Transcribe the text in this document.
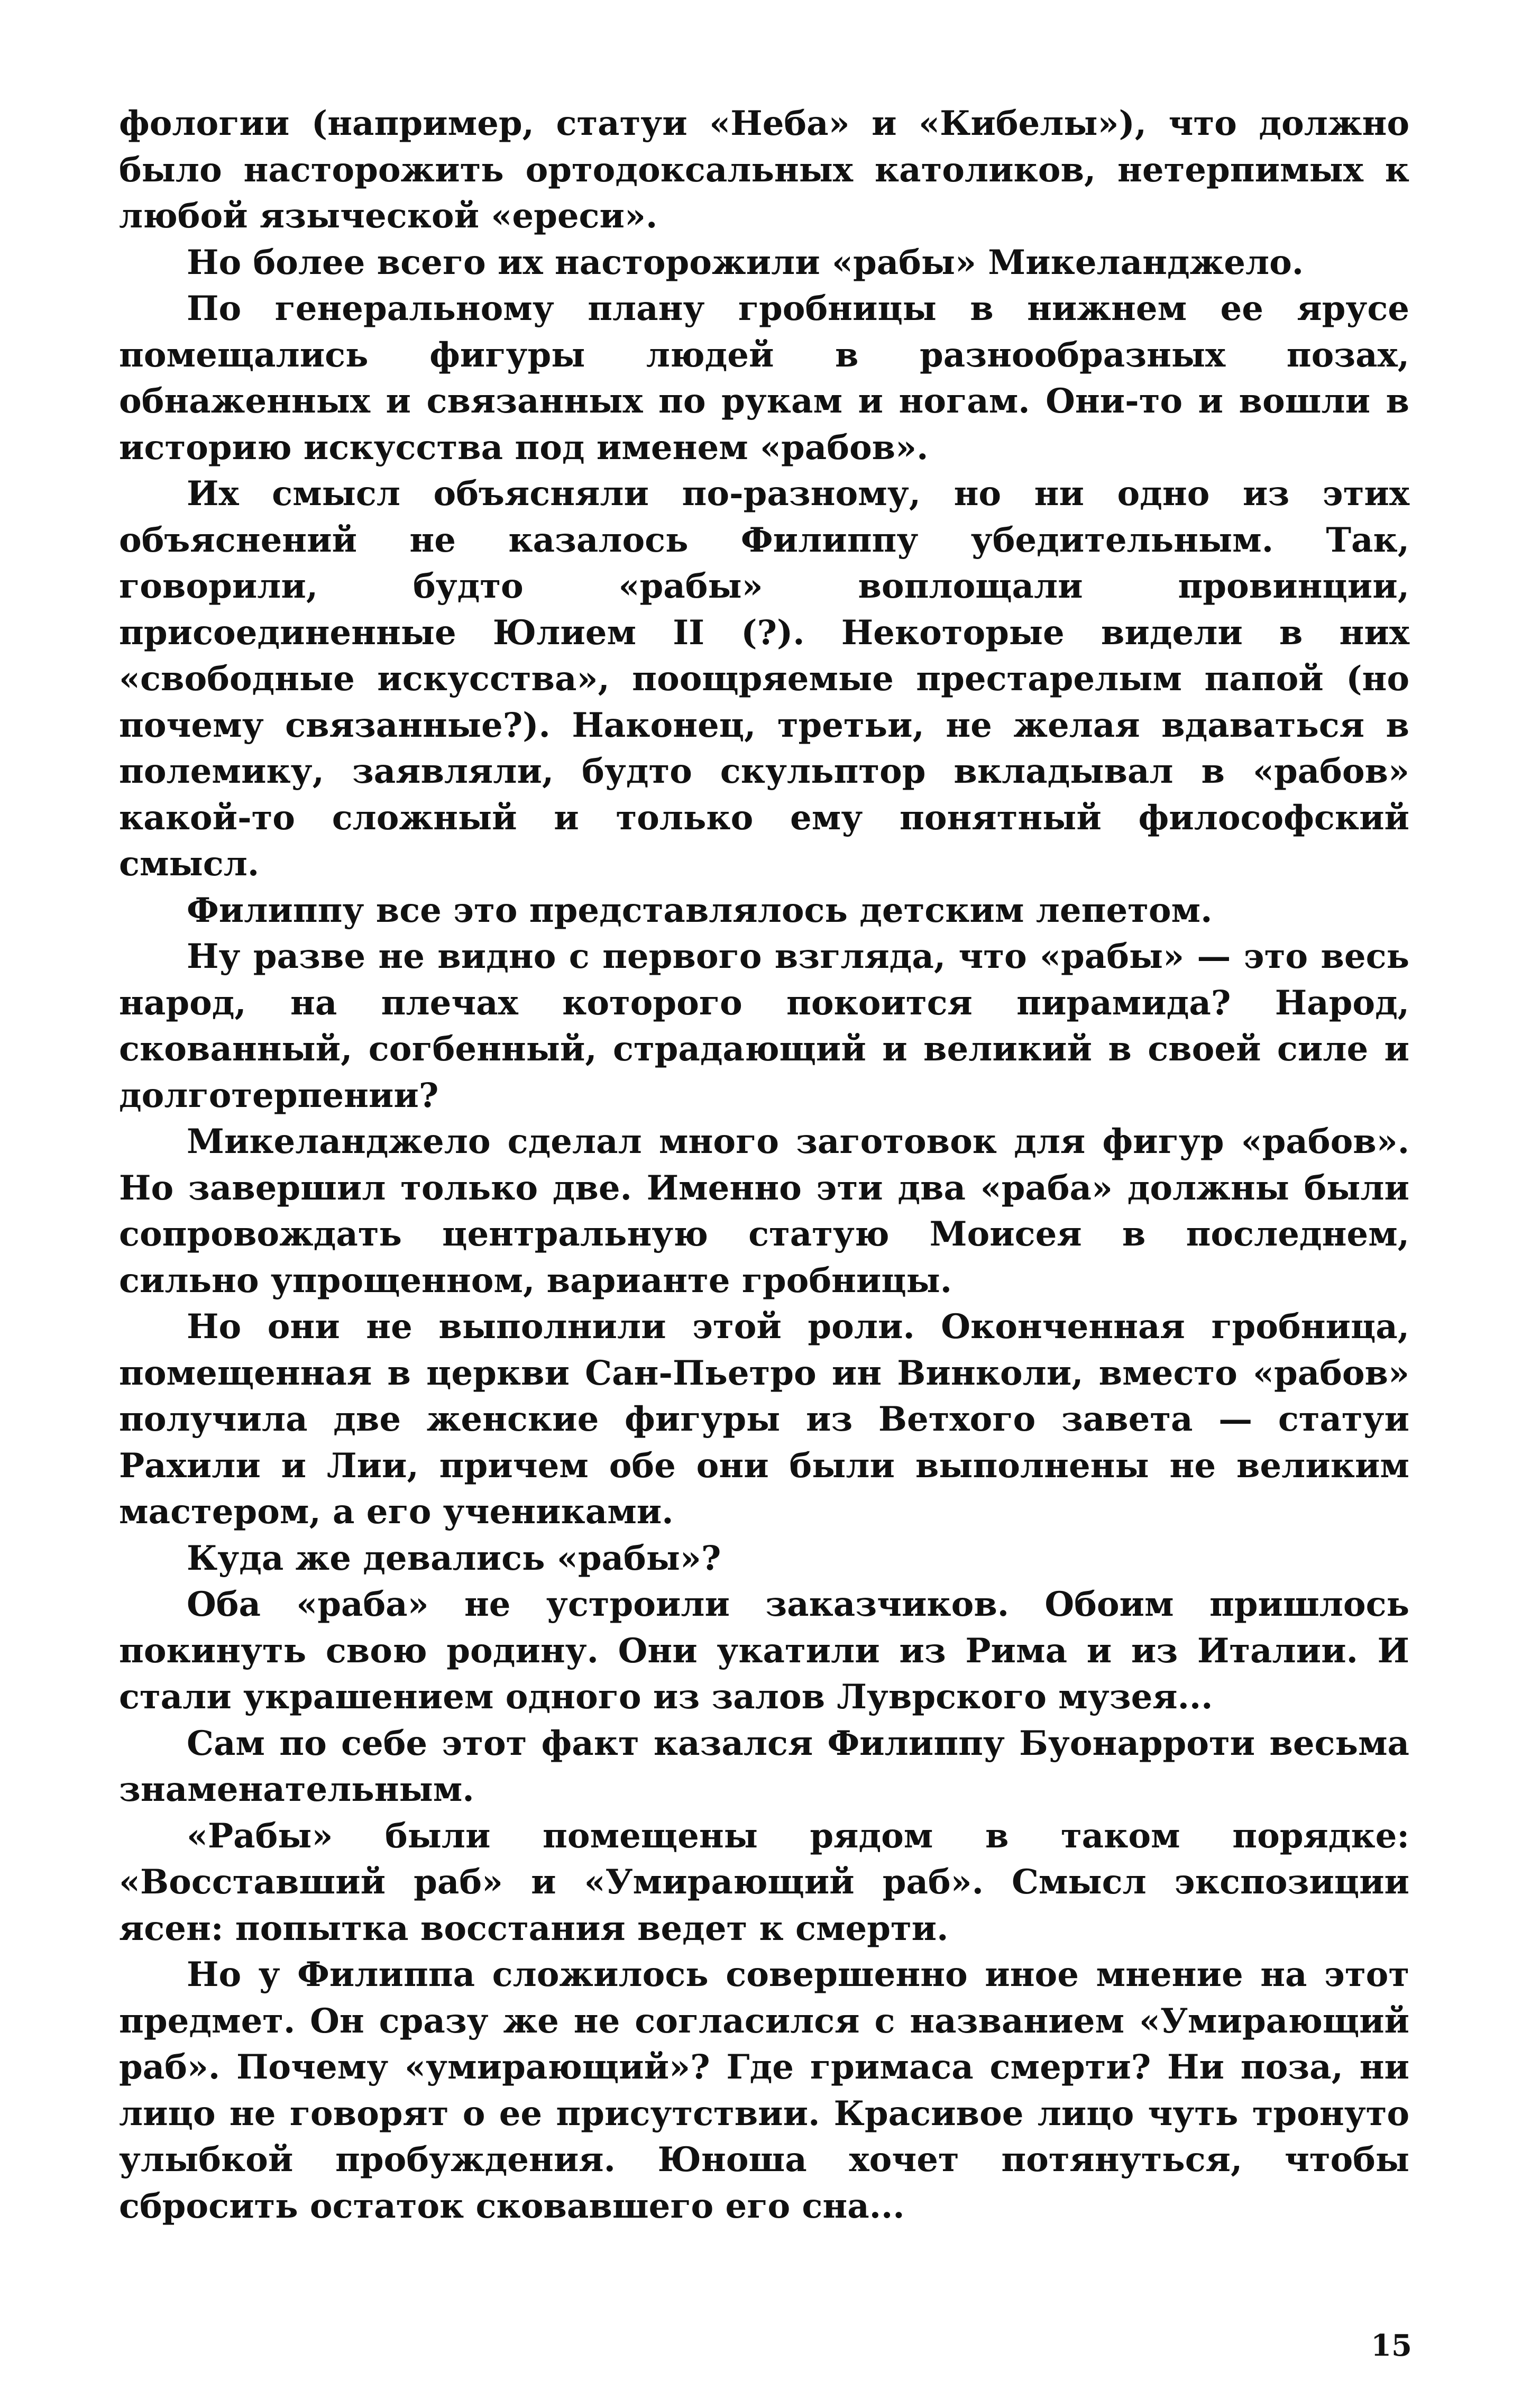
фологии (например, статуи «Неба» и «Кибелы»), что должно было насторожить ортодоксальных католиков, нетерпимых к любой языческой «ереси».

Но более всего их насторожили «рабы» Микеланджело.

По генеральному плану гробницы в нижнем ее ярусе помещались фигуры людей в разнообразных позах, обнаженных и связанных по рукам и ногам. Они-то и вошли в историю искусства под именем «рабов».

Их смысл объясняли по-разному, но ни одно из этих объяснений не казалось Филиппу убедительным. Так, говорили, будто «рабы» воплощали провинции, присоединенные Юлием II (?). Некоторые видели в них «свободные искусства», поощряемые престарелым папой (но почему связанные?). Наконец, третьи, не желая вдаваться в полемику, заявляли, будто скульптор вкладывал в «рабов» какой-то сложный и только ему понятный философский смысл.

Филиппу все это представлялось детским лепетом.

Ну разве не видно с первого взгляда, что «рабы» — это весь народ, на плечах которого покоится пирамида? Народ, скованный, согбенный, страдающий и великий в своей силе и долготерпении?

Микеланджело сделал много заготовок для фигур «рабов». Но завершил только две. Именно эти два «раба» должны были сопровождать центральную статую Моисея в последнем, сильно упрощенном, варианте гробницы.

Но они не выполнили этой роли. Оконченная гробница, помещенная в церкви Сан-Пьетро ин Винколи, вместо «рабов» получила две женские фигуры из Ветхого завета — статуи Рахили и Лии, причем обе они были выполнены не великим мастером, а его учениками.

Куда же девались «рабы»?

Оба «раба» не устроили заказчиков. Обоим пришлось покинуть свою родину. Они укатили из Рима и из Италии. И стали украшением одного из залов Луврского музея...

Сам по себе этот факт казался Филиппу Буонарроти весьма знаменательным.

«Рабы» были помещены рядом в таком порядке: «Восставший раб» и «Умирающий раб». Смысл экспозиции ясен: попытка восстания ведет к смерти.

Но у Филиппа сложилось совершенно иное мнение на этот предмет. Он сразу же не согласился с названием «Умирающий раб». Почему «умирающий»? Где гримаса смерти? Ни поза, ни лицо не говорят о ее присутствии. Красивое лицо чуть тронуто улыбкой пробуждения. Юноша хочет потянуться, чтобы сбросить остаток сковавшего его сна...

15
